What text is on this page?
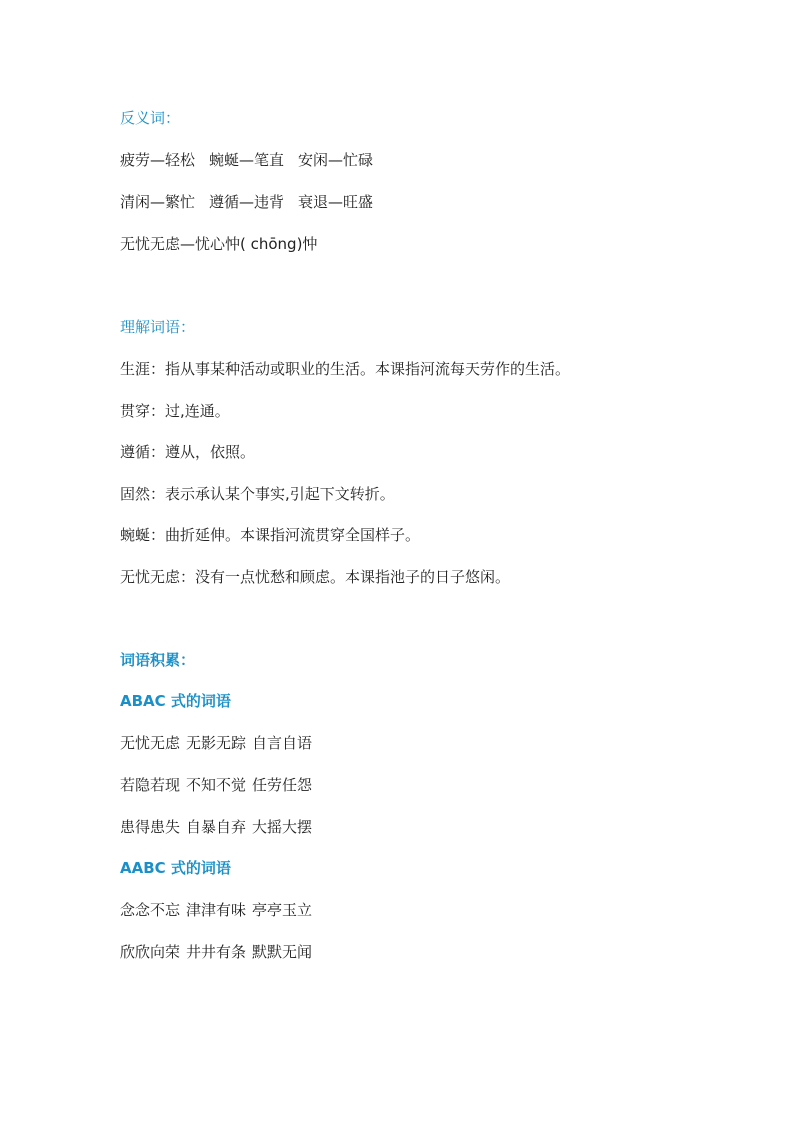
反义词：
疲劳—轻松 蜿蜒—笔直 安闲—忙碌
清闲—繁忙 遵循—违背 衰退—旺盛
无忧无虑—忧心忡( chōng)忡
理解词语：
生涯：指从事某种活动或职业的生活。本课指河流每天劳作的生活。
贯穿：过,连通。
遵循：遵从，依照。
固然：表示承认某个事实,引起下文转折。
蜿蜒：曲折延伸。本课指河流贯穿全国样子。
无忧无虑：没有一点忧愁和顾虑。本课指池子的日子悠闲。
词语积累：
ABAC 式的词语
无忧无虑 无影无踪 自言自语
若隐若现 不知不觉 任劳任怨
患得患失 自暴自弃 大摇大摆
AABC 式的词语
念念不忘 津津有味 亭亭玉立
欣欣向荣 井井有条 默默无闻
